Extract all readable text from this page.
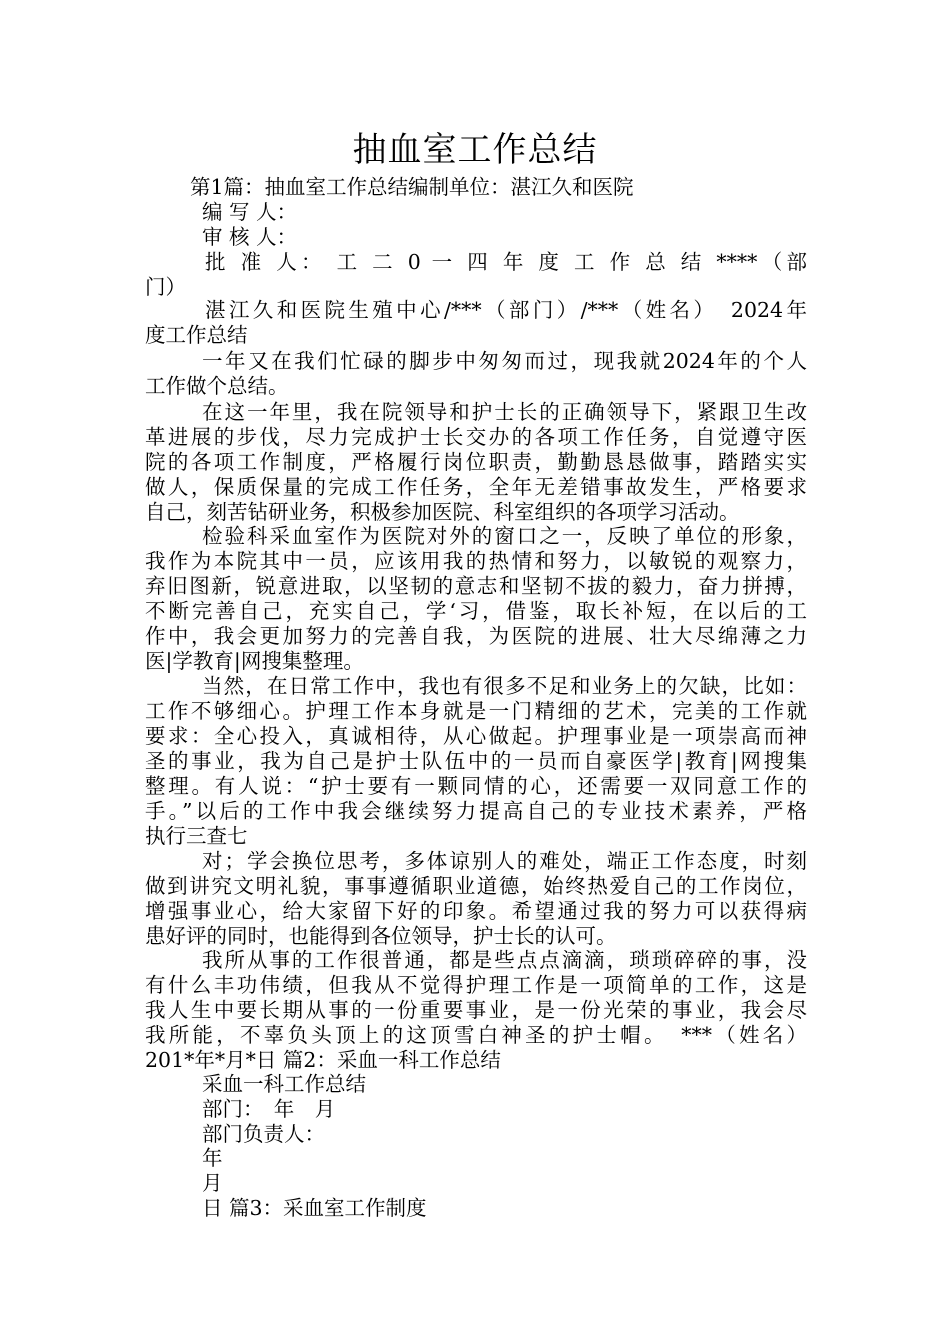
抽血室工作总结
第1篇：抽血室工作总结编制单位：湛江久和医院
编 写 人：
审 核 人：
批 准 人： 工 二 0 一 四 年 度 工 作 总 结 ****（部
门）
湛江久和医院生殖中心/***（部门）/***（姓名）　2024年
度工作总结
一年又在我们忙碌的脚步中匆匆而过，现我就2024年的个人
工作做个总结。
在这一年里，我在院领导和护士长的正确领导下，紧跟卫生改
革进展的步伐，尽力完成护士长交办的各项工作任务，自觉遵守医
院的各项工作制度，严格履行岗位职责，勤勤恳恳做事，踏踏实实
做人，保质保量的完成工作任务，全年无差错事故发生，严格要求
自己，刻苦钻研业务，积极参加医院、科室组织的各项学习活动。
检验科采血室作为医院对外的窗口之一，反映了单位的形象，
我作为本院其中一员，应该用我的热情和努力，以敏锐的观察力，
弃旧图新，锐意进取，以坚韧的意志和坚韧不拔的毅力，奋力拼搏，
不断完善自己，充实自己，学‘习，借鉴，取长补短，在以后的工
作中，我会更加努力的完善自我，为医院的进展、壮大尽绵薄之力
医|学教育|网搜集整理。
当然，在日常工作中，我也有很多不足和业务上的欠缺，比如：
工作不够细心。护理工作本身就是一门精细的艺术，完美的工作就
要求：全心投入，真诚相待，从心做起。护理事业是一项崇高而神
圣的事业，我为自己是护士队伍中的一员而自豪医学|教育|网搜集
整理。有人说：“护士要有一颗同情的心，还需要一双同意工作的
手。”以后的工作中我会继续努力提高自己的专业技术素养，严格
执行三查七
对；学会换位思考，多体谅别人的难处，端正工作态度，时刻
做到讲究文明礼貌，事事遵循职业道德，始终热爱自己的工作岗位，
增强事业心，给大家留下好的印象。希望通过我的努力可以获得病
患好评的同时，也能得到各位领导，护士长的认可。
我所从事的工作很普通，都是些点点滴滴，琐琐碎碎的事，没
有什么丰功伟绩，但我从不觉得护理工作是一项简单的工作，这是
我人生中要长期从事的一份重要事业，是一份光荣的事业，我会尽
我所能，不辜负头顶上的这顶雪白神圣的护士帽。　***（姓名）
201*年*月*日 篇2：采血一科工作总结
采血一科工作总结
部门：　年　月
部门负责人：
年
月
日 篇3：采血室工作制度
